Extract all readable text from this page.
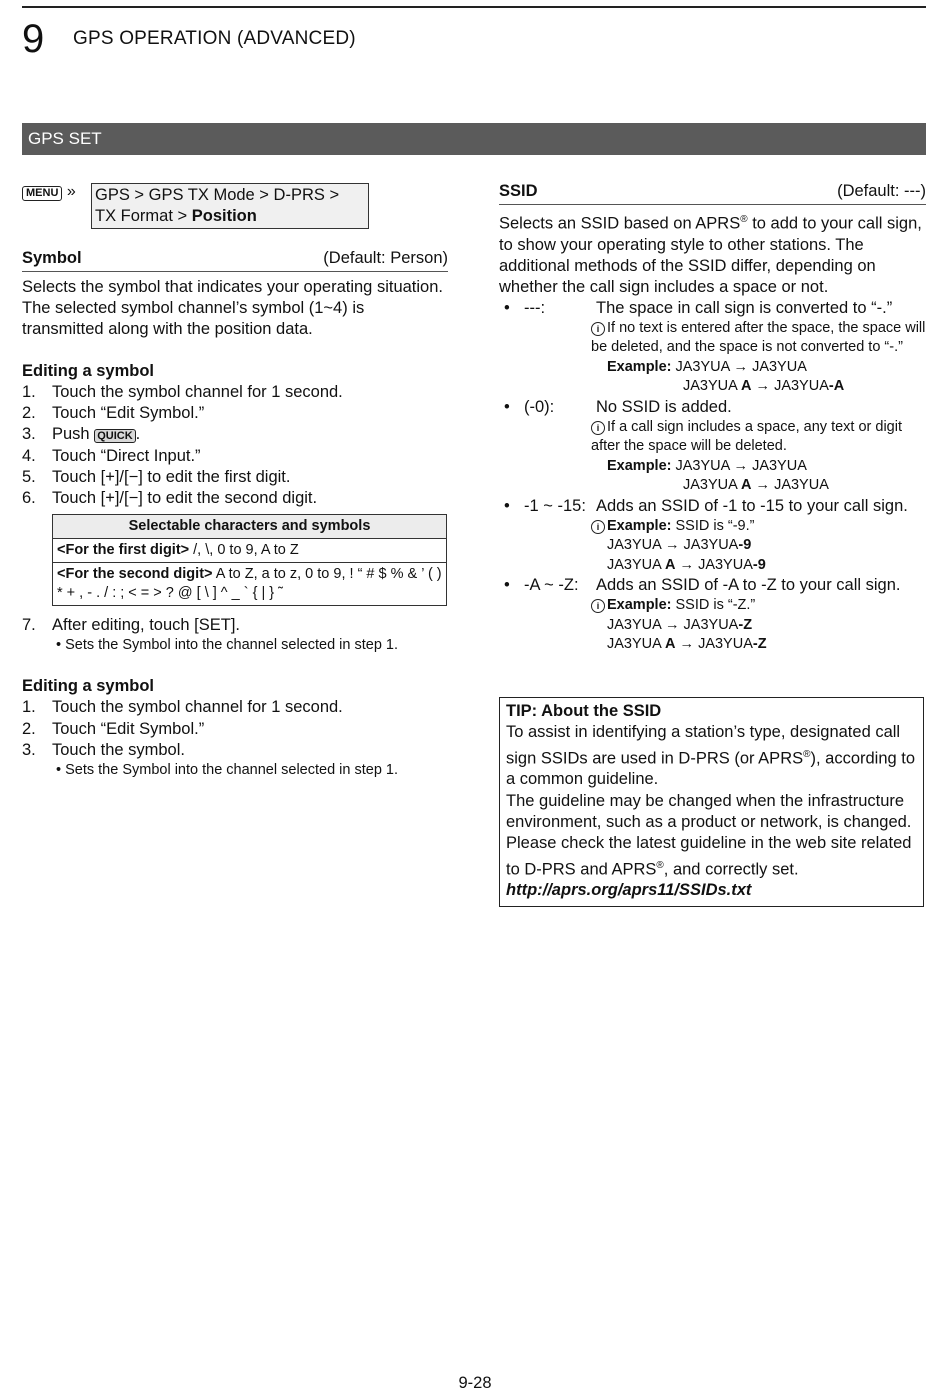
9 GPS OPERATION (ADVANCED)
GPS SET
MENU » GPS > GPS TX Mode > D-PRS >
TX Format > Position
Symbol	(Default: Person)
Selects the symbol that indicates your operating situation. The selected symbol channel’s symbol (1~4) is transmitted along with the position data.
Editing a symbol
1. Touch the symbol channel for 1 second.
2. Touch “Edit Symbol.”
3. Push QUICK .
4. Touch “Direct Input.”
5. Touch [+]/[−] to edit the first digit.
6. Touch [+]/[−] to edit the second digit.
Selectable characters and symbols
<For the first digit> /, \, 0 to 9, A to Z
<For the second digit> A to Z, a to z, 0 to 9, ! “ # $ % & ’ ( ) * + , - . / : ; < = > ? @ [ \ ] ^ _ ` { | } ˜
7. After editing, touch [SET].
• Sets the Symbol into the channel selected in step 1.
Editing a symbol
1. Touch the symbol channel for 1 second.
2. Touch “Edit Symbol.”
3. Touch the symbol.
• Sets the Symbol into the channel selected in step 1.
SSID	(Default: ---)
Selects an SSID based on APRS® to add to your call sign, to show your operating style to other stations. The additional methods of the SSID differ, depending on whether the call sign includes a space or not.
• ---:	The space in call sign is converted to “-.”
i If no text is entered after the space, the space will be deleted, and the space is not converted to “-.”
Example: JA3YUA → JA3YUA
JA3YUA A → JA3YUA-A
• (-0):	No SSID is added.
i If a call sign includes a space, any text or digit after the space will be deleted.
Example: JA3YUA → JA3YUA
JA3YUA A → JA3YUA
• -1 ~ -15: Adds an SSID of -1 to -15 to your call sign.
i Example: SSID is “-9.”
JA3YUA → JA3YUA-9
JA3YUA A → JA3YUA-9
• -A ~ -Z:	Adds an SSID of -A to -Z to your call sign.
i Example: SSID is “-Z.”
JA3YUA → JA3YUA-Z
JA3YUA A → JA3YUA-Z
TIP: About the SSID
To assist in identifying a station’s type, designated call sign SSIDs are used in D-PRS (or APRS®), according to a common guideline.
The guideline may be changed when the infrastructure environment, such as a product or network, is changed. Please check the latest guideline in the web site related to D-PRS and APRS®, and correctly set.
http://aprs.org/aprs11/SSIDs.txt
9-28
